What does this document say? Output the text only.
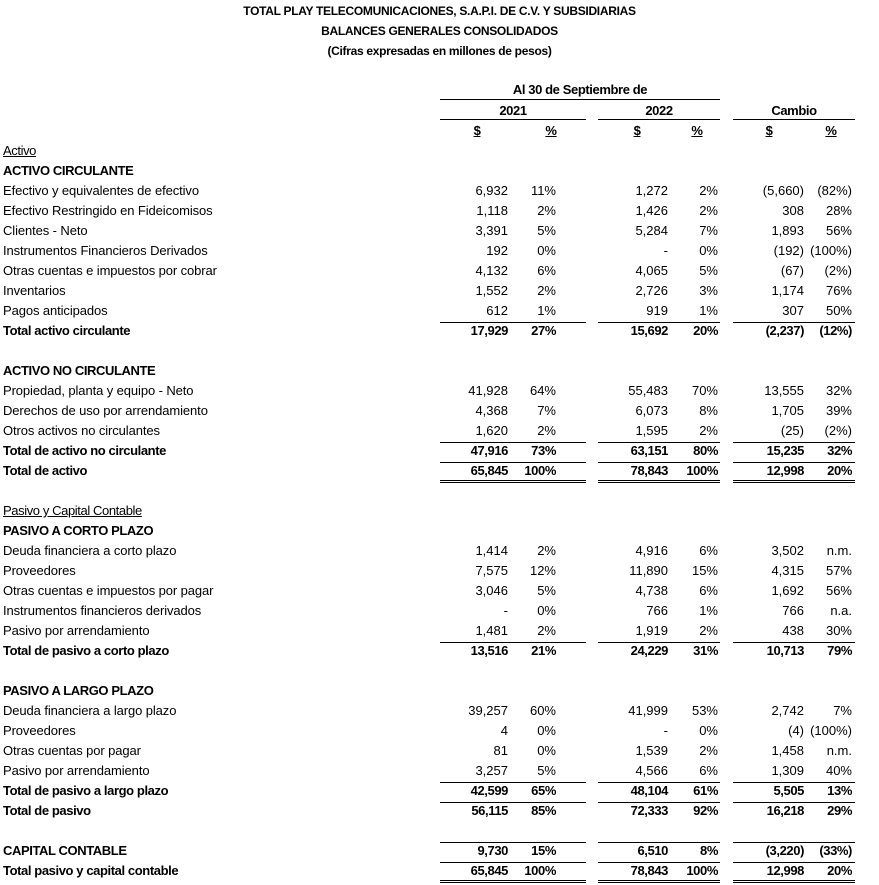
TOTAL PLAY TELECOMUNICACIONES, S.A.P.I. DE C.V. Y SUBSIDIARIAS
BALANCES GENERALES CONSOLIDADOS
(Cifras expresadas en millones de pesos)
Al 30 de Septiembre de
2021	2022	Cambio
$	%	$	%	$	%
Activo
ACTIVO CIRCULANTE
Efectivo y equivalentes de efectivo	6,932	11%	1,272	2%	(5,660)	(82%)
Efectivo Restringido en Fideicomisos	1,118	2%	1,426	2%	308	28%
Clientes - Neto	3,391	5%	5,284	7%	1,893	56%
Instrumentos Financieros Derivados	192	0%	-	0%	(192) (100%)
Otras cuentas e impuestos por cobrar	4,132	6%	4,065	5%	(67)	(2%)
Inventarios	1,552	2%	2,726	3%	1,174	76%
Pagos anticipados	612	1%	919	1%	307	50%
Total activo circulante	17,929	27%	15,692	20%	(2,237)	(12%)
ACTIVO NO CIRCULANTE
Propiedad, planta y equipo - Neto	41,928	64%	55,483	70%	13,555	32%
Derechos de uso por arrendamiento	4,368	7%	6,073	8%	1,705	39%
Otros activos no circulantes	1,620	2%	1,595	2%	(25)	(2%)
Total de activo no circulante	47,916	73%	63,151	80%	15,235	32%
Total de activo	65,845	100%	78,843	100%	12,998	20%
Pasivo y Capital Contable
PASIVO A CORTO PLAZO
Deuda financiera a corto plazo	1,414	2%	4,916	6%	3,502	n.m.
Proveedores	7,575	12%	11,890	15%	4,315	57%
Otras cuentas e impuestos por pagar	3,046	5%	4,738	6%	1,692	56%
Instrumentos financieros derivados	-	0%	766	1%	766	n.a.
Pasivo por arrendamiento	1,481	2%	1,919	2%	438	30%
Total de pasivo a corto plazo	13,516	21%	24,229	31%	10,713	79%
PASIVO A LARGO PLAZO
Deuda financiera a largo plazo	39,257	60%	41,999	53%	2,742	7%
Proveedores	4	0%	-	0%	(4) (100%)
Otras cuentas por pagar	81	0%	1,539	2%	1,458	n.m.
Pasivo por arrendamiento	3,257	5%	4,566	6%	1,309	40%
Total de pasivo a largo plazo	42,599	65%	48,104	61%	5,505	13%
Total de pasivo	56,115	85%	72,333	92%	16,218	29%
CAPITAL CONTABLE	9,730	15%	6,510	8%	(3,220)	(33%)
Total pasivo y capital contable	65,845	100%	78,843	100%	12,998	20%
